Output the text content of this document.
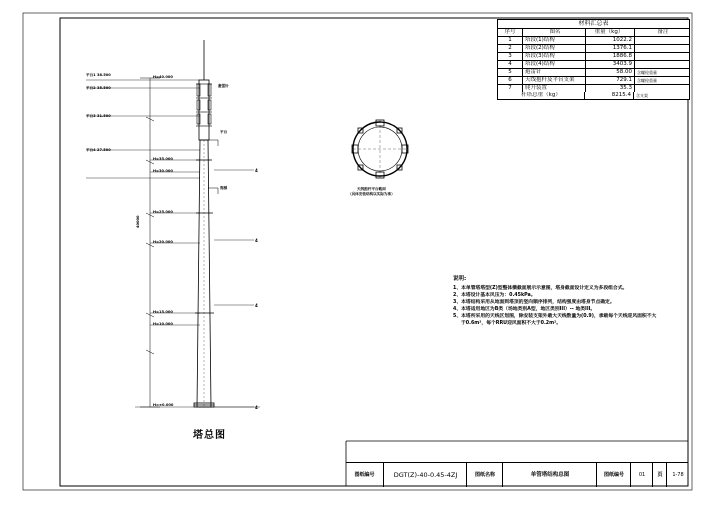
4
4
4
4
平台1 38.500
平台2 35.500
平台3 31.500
平台4 27.500
H=40.000
H=35.000
H=30.000
H=25.000
H=20.000
H=15.000
H=10.000
H=±0.000
40000
避雷针
平台
爬梯	天线抱杆平台截面
（具体安装结构以实际为准）
塔总图
材料汇总表
序号	图名	重量（kg）	备注
1	塔段(1)结构	1022.2
2	塔段(2)结构	1376.1
3	塔段(3)结构	1886.8
4	塔段(4)结构	3403.9
5	避雷针	58.00	含螺栓重量
6	天线抱杆及平台支架	729.1	含螺栓重量
7	爬升装置	35.3
杆塔总重（kg）	8215.4	含支架
说明:
1、本单管塔塔型(Z)型整体横截面展示示意图，塔身截面设计定义为多段组合式。
2、本塔设计基本风压为：0.45kPa。
3、本塔结构采用从地面到塔顶的竖向顺序排列，结构强度由塔身节点确定。
4、本塔适用地区为B类（场地类别A型，地区类别III）-- 地类III。
5、本塔所采用的天线区划图，除安装支架外最大天线数量为(0.9)，承载每个天线迎风面积不大
于0.6m²，每个RRU迎风面积不大于0.2m²。
图纸编号	DGT(Z)-40-0.45-4ZJ	图纸名称	单管塔结构总图	图纸编号	01	页	1-78
